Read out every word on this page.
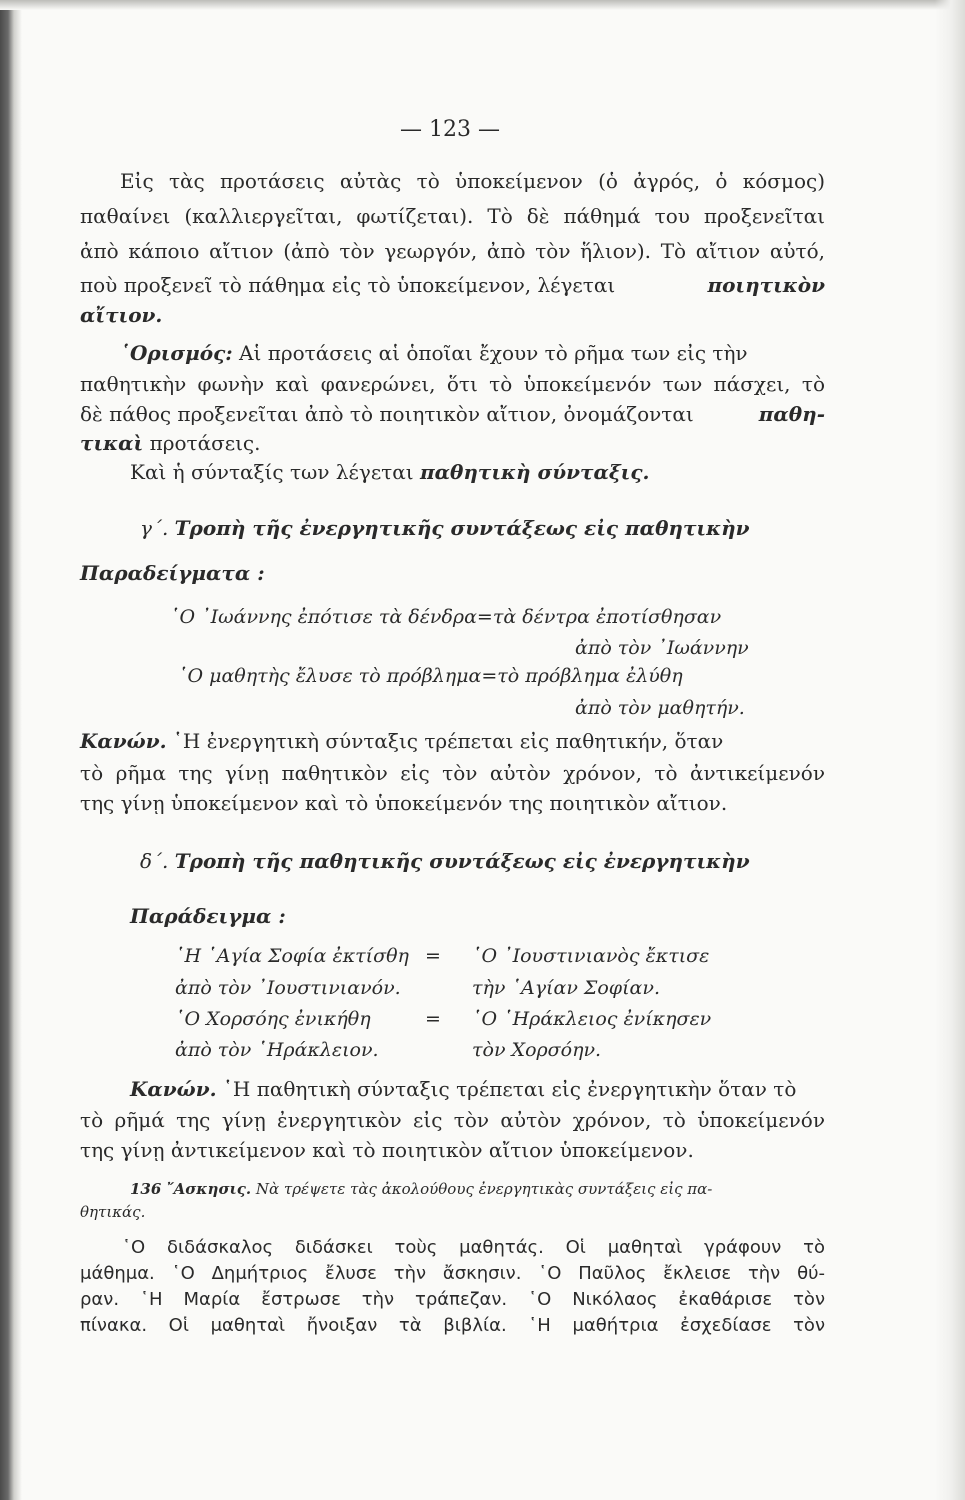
— 123 —
Εἰς τὰς προτάσεις αὐτὰς τὸ ὑποκείμενον (ὁ ἀγρός, ὁ κόσμος)
παθαίνει (καλλιεργεῖται, φωτίζεται). Τὸ δὲ πάθημά του προξενεῖται
ἀπὸ κάποιο αἴτιον (ἀπὸ τὸν γεωργόν, ἀπὸ τὸν ἥλιον). Τὸ αἴτιον αὐτό,
ποὺ προξενεῖ τὸ πάθημα εἰς τὸ ὑποκείμενον, λέγεται	ποιητικὸν
αἴτιον.
῾Ορισμός: Αἱ προτάσεις αἱ ὁποῖαι ἔχουν τὸ ρῆμα των εἰς τὴν
παθητικὴν φωνὴν καὶ φανερώνει, ὅτι τὸ ὑποκείμενόν των πάσχει, τὸ
δὲ πάθος προξενεῖται ἀπὸ τὸ ποιητικὸν αἴτιον, ὀνομάζονται	παθη-
τικαὶ προτάσεις.
Καὶ ἡ σύνταξίς των λέγεται παθητικὴ σύνταξις.
γ΄. Τροπὴ τῆς ἐνεργητικῆς συντάξεως εἰς παθητικὴν
Παραδείγματα :
῾Ο ᾿Ιωάννης ἐπότισε τὰ δένδρα=τὰ δέντρα ἐποτίσθησαν
ἀπὸ τὸν ᾿Ιωάννην
῾Ο μαθητὴς ἔλυσε τὸ πρόβλημα=τὸ πρόβλημα ἐλύθη
ἀπὸ τὸν μαθητήν.
Κανών. ῾Η ἐνεργητικὴ σύνταξις τρέπεται εἰς παθητικήν, ὅταν
τὸ ρῆμα της γίνῃ παθητικὸν εἰς τὸν αὐτὸν χρόνον, τὸ ἀντικείμενόν
της γίνῃ ὑποκείμενον καὶ τὸ ὑποκείμενόν της ποιητικὸν αἴτιον.
δ΄. Τροπὴ τῆς παθητικῆς συντάξεως εἰς ἐνεργητικὴν
Παράδειγμα :
῾Η ῾Αγία Σοφία ἐκτίσθη
ἀπὸ τὸν ᾿Ιουστινιανόν.
῾Ο Χορσόης ἐνικήθη
ἀπὸ τὸν ῾Ηράκλειον.
=
=
῾Ο ᾿Ιουστινιανὸς ἔκτισε
τὴν ῾Αγίαν Σοφίαν.
῾Ο ῾Ηράκλειος ἐνίκησεν
τὸν Χορσόην.
Κανών. ῾Η παθητικὴ σύνταξις τρέπεται εἰς ἐνεργητικὴν ὅταν τὸ
τὸ ρῆμά της γίνῃ ἐνεργητικὸν εἰς τὸν αὐτὸν χρόνον, τὸ ὑποκείμενόν
της γίνῃ ἀντικείμενον καὶ τὸ ποιητικὸν αἴτιον ὑποκείμενον.
136 ῎Ασκησις. Νὰ τρέψετε τὰς ἀκολούθους ἐνεργητικὰς συντάξεις εἰς πα-
θητικάς.
῾Ο διδάσκαλος διδάσκει τοὺς μαθητάς. Οἱ μαθηταὶ γράφουν τὸ
μάθημα. ῾Ο Δημήτριος ἔλυσε τὴν ἄσκησιν. ῾Ο Παῦλος ἔκλεισε τὴν θύ-
ραν. ῾Η Μαρία ἔστρωσε τὴν τράπεζαν. ῾Ο Νικόλαος ἐκαθάρισε τὸν
πίνακα. Οἱ μαθηταὶ ἤνοιξαν τὰ βιβλία. ῾Η μαθήτρια ἐσχεδίασε τὸν
